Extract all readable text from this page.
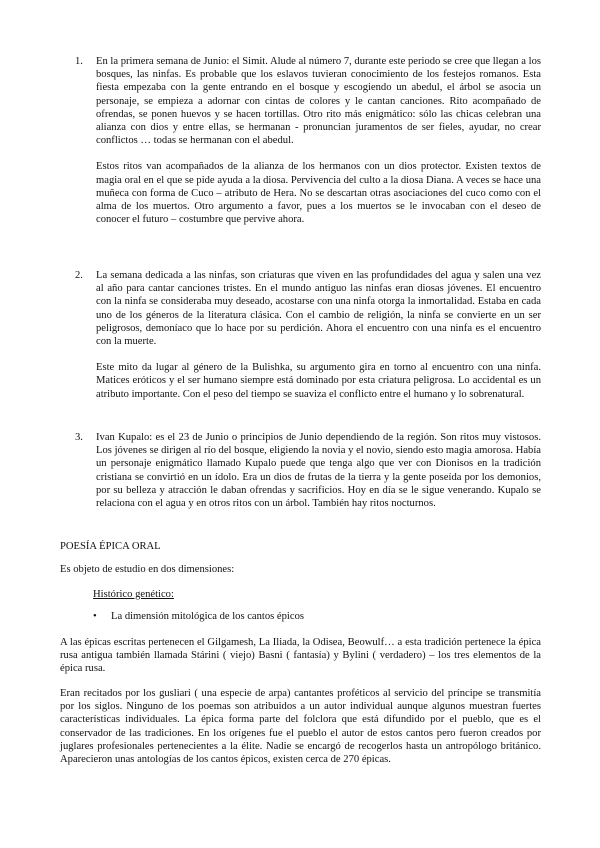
1. En la primera semana de Junio: el Simit. Alude al número 7, durante este periodo se cree que llegan a los bosques, las ninfas. Es probable que los eslavos tuvieran conocimiento de los festejos romanos. Esta fiesta empezaba con la gente entrando en el bosque y escogiendo un abedul, el árbol se asocia un personaje, se empieza a adornar con cintas de colores y le cantan canciones. Rito acompañado de ofrendas, se ponen huevos y se hacen tortillas. Otro rito más enigmático: sólo las chicas celebran una alianza con dios y entre ellas, se hermanan - pronuncian juramentos de ser fieles, ayudar, no crear conflictos … todas se hermanan con el abedul.

Estos ritos van acompañados de la alianza de los hermanos con un dios protector. Existen textos de magia oral en el que se pide ayuda a la diosa. Pervivencia del culto a la diosa Diana. A veces se hace una muñeca con forma de Cuco – atributo de Hera. No se descartan otras asociaciones del cuco como con el alma de los muertos. Otro argumento a favor, pues a los muertos se le invocaban con el deseo de conocer el futuro – costumbre que pervive ahora.

2. La semana dedicada a las ninfas, son criaturas que viven en las profundidades del agua y salen una vez al año para cantar canciones tristes. En el mundo antiguo las ninfas eran diosas jóvenes. El encuentro con la ninfa se consideraba muy deseado, acostarse con una ninfa otorga la inmortalidad. Estaba en cada uno de los géneros de la literatura clásica. Con el cambio de religión, la ninfa se convierte en un ser peligrosos, demoníaco que lo hace por su perdición. Ahora el encuentro con una ninfa es el encuentro con la muerte.

Este mito da lugar al género de la Bulishka, su argumento gira en torno al encuentro con una ninfa. Matices eróticos y el ser humano siempre está dominado por esta criatura peligrosa. Lo accidental es un atributo importante. Con el peso del tiempo se suaviza el conflicto entre el humano y lo sobrenatural.

3. Ivan Kupalo: es el 23 de Junio o principios de Junio dependiendo de la región. Son ritos muy vistosos. Los jóvenes se dirigen al río del bosque, eligiendo la novia y el novio, siendo esto magia amorosa. Había un personaje enigmático llamado Kupalo puede que tenga algo que ver con Dionisos en la tradición cristiana se convirtió en un ídolo. Era un dios de frutas de la tierra y la gente poseída por los demonios, por su belleza y atracción le daban ofrendas y sacrificios. Hoy en día se le sigue venerando. Kupalo se relaciona con el agua y en otros ritos con un árbol. También hay ritos nocturnos.

POESÍA ÉPICA ORAL
Es objeto de estudio en dos dimensiones:
Histórico genético:
• La dimensión mitológica de los cantos épicos

A las épicas escritas pertenecen el Gilgamesh, La Iliada, la Odisea, Beowulf… a esta tradición pertenece la épica rusa antigua también llamada Stárini ( viejo) Basni ( fantasía) y Bylini ( verdadero) – los tres elementos de la épica rusa.

Eran recitados por los gusliari ( una especie de arpa) cantantes proféticos al servicio del príncipe se transmitía por los siglos. Ninguno de los poemas son atribuidos a un autor individual aunque algunos muestran fuertes características individuales. La épica forma parte del folclora que está difundido por el pueblo, que es el conservador de las tradiciones. En los orígenes fue el pueblo el autor de estos cantos pero fueron creados por juglares profesionales pertenecientes a la élite. Nadie se encargó de recogerlos hasta un antropólogo británico. Aparecieron unas antologías de los cantos épicos, existen cerca de 270 épicas.
